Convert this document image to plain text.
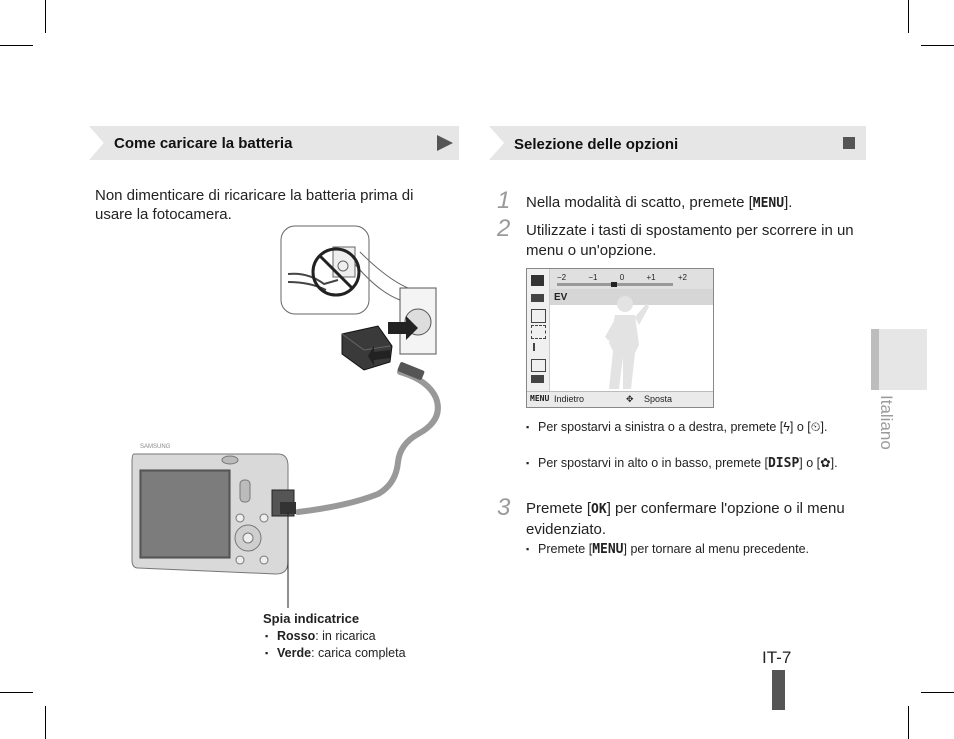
Come caricare la batteria
Non dimenticare di ricaricare la batteria prima di usare la fotocamera.
SAMSUNG
Spia indicatrice
▪ Rosso: in ricarica
▪ Verde: carica completa
Selezione delle opzioni
1 Nella modalità di scatto, premete [MENU].
2 Utilizzate i tasti di spostamento per scorrere in un menu o un'opzione.
−2	−1	0	+1	+2
EV
MENU Indietro	✥ Sposta
▪ Per spostarvi a sinistra o a destra, premete [ϟ] o [⏲].
▪ Per spostarvi in alto o in basso, premete [DISP] o [✿].
3 Premete [OK] per confermare l'opzione o il menu evidenziato.
▪ Premete [MENU] per tornare al menu precedente.
Italiano
IT-7
